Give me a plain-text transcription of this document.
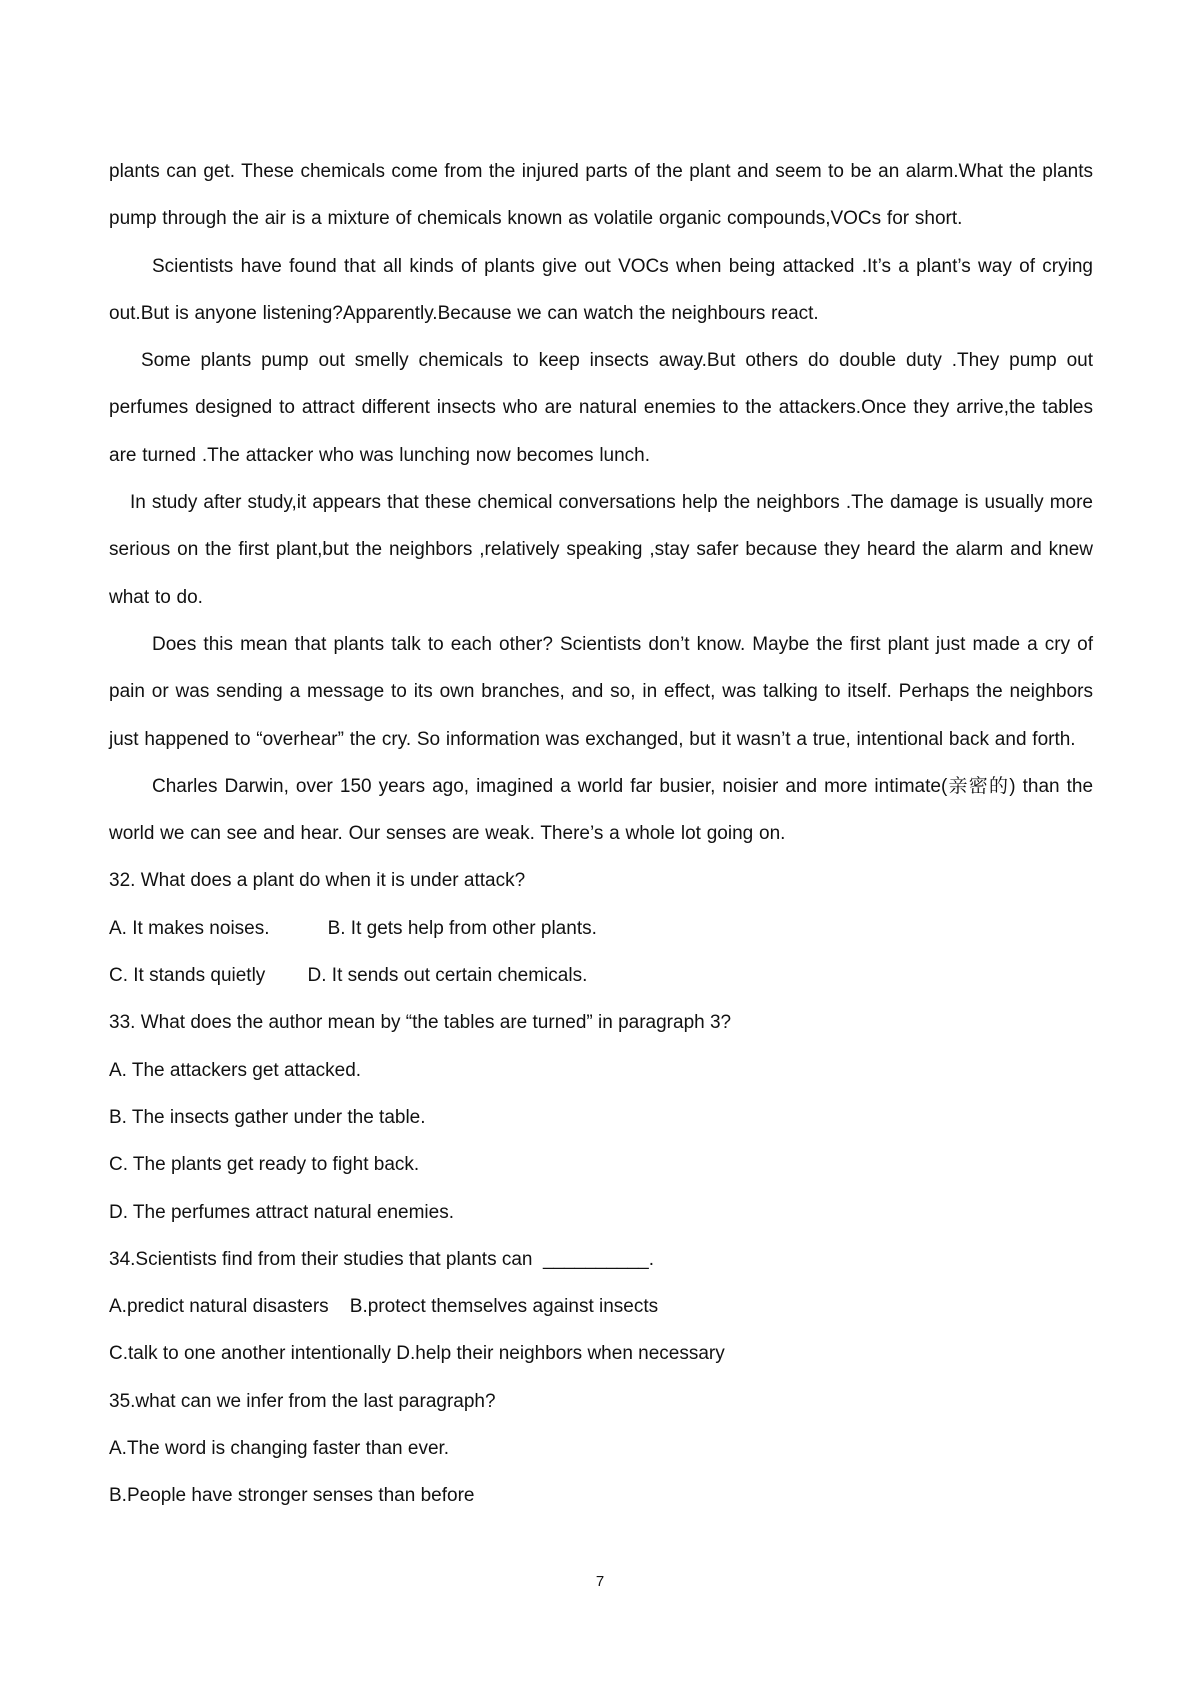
plants can get. These chemicals come from the injured parts of the plant and seem to be an alarm.What the plants pump through the air is a mixture of chemicals known as volatile organic compounds,VOCs for short.

Scientists have found that all kinds of plants give out VOCs when being attacked .It’s a plant’s way of crying out.But is anyone listening?Apparently.Because we can watch the neighbours react.

Some plants pump out smelly chemicals to keep insects away.But others do double duty .They pump out perfumes designed to attract different insects who are natural enemies to the attackers.Once they arrive,the tables are turned .The attacker who was lunching now becomes lunch.

In study after study,it appears that these chemical conversations help the neighbors .The damage is usually more serious on the first plant,but the neighbors ,relatively speaking ,stay safer because they heard the alarm and knew what to do.

Does this mean that plants talk to each other? Scientists don’t know. Maybe the first plant just made a cry of pain or was sending a message to its own branches, and so, in effect, was talking to itself. Perhaps the neighbors just happened to “overhear” the cry. So information was exchanged, but it wasn’t a true, intentional back and forth.

Charles Darwin, over 150 years ago, imagined a world far busier, noisier and more intimate(亲密的) than the world we can see and hear. Our senses are weak. There’s a whole lot going on.

32. What does a plant do when it is under attack?

A. It makes noises.           B. It gets help from other plants.

C. It stands quietly        D. It sends out certain chemicals.

33. What does the author mean by “the tables are turned” in paragraph 3?

A. The attackers get attacked.

B. The insects gather under the table.

C. The plants get ready to fight back.

D. The perfumes attract natural enemies.

34.Scientists find from their studies that plants can  __________.

A.predict natural disasters    B.protect themselves against insects

C.talk to one another intentionally D.help their neighbors when necessary

35.what can we infer from the last paragraph?

A.The word is changing faster than ever.

B.People have stronger senses than before

7
